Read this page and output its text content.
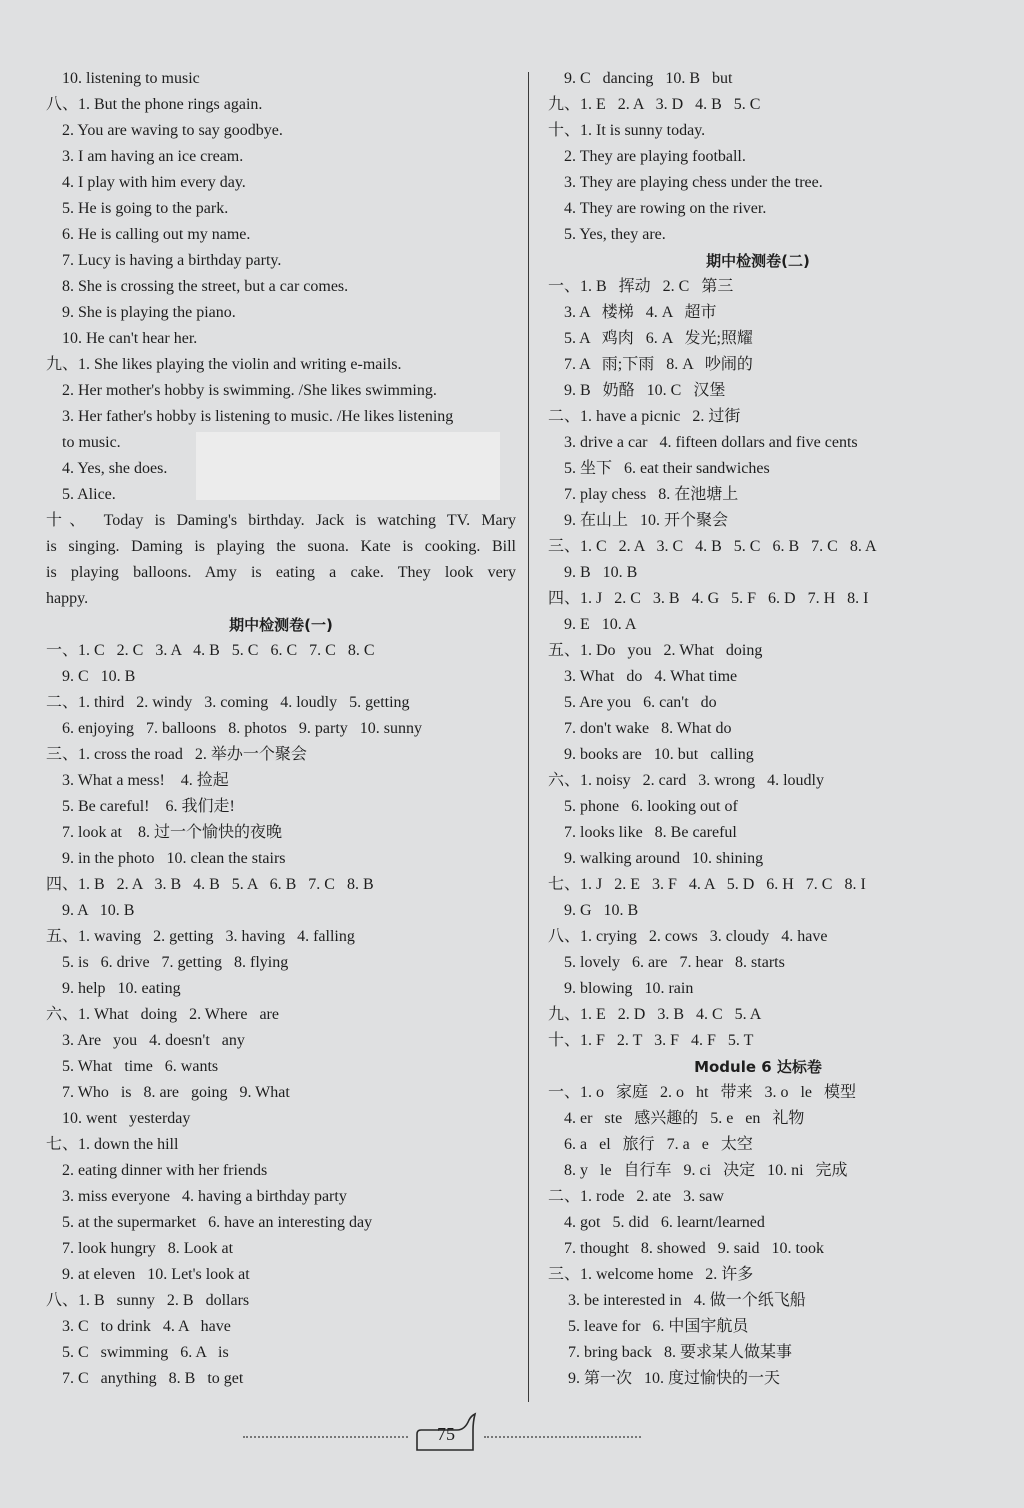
10. listening to music
八、1. But the phone rings again.
2. You are waving to say goodbye.
3. I am having an ice cream.
4. I play with him every day.
5. He is going to the park.
6. He is calling out my name.
7. Lucy is having a birthday party.
8. She is crossing the street, but a car comes.
9. She is playing the piano.
10. He can't hear her.
九、1. She likes playing the violin and writing e-mails.
2. Her mother's hobby is swimming. /She likes swimming.
3. Her father's hobby is listening to music. /He likes listening
to music.
4. Yes, she does.
5. Alice.
十、 Today is Daming's birthday. Jack is watching TV. Mary
is singing. Daming is playing the suona. Kate is cooking. Bill
is playing balloons. Amy is eating a cake. They look very
happy.
期中检测卷(一)
一、1. C   2. C   3. A   4. B   5. C   6. C   7. C   8. C
9. C   10. B
二、1. third   2. windy   3. coming   4. loudly   5. getting
6. enjoying   7. balloons   8. photos   9. party   10. sunny
三、1. cross the road   2. 举办一个聚会
3. What a mess!    4. 捡起
5. Be careful!    6. 我们走!
7. look at    8. 过一个愉快的夜晚
9. in the photo   10. clean the stairs
四、1. B   2. A   3. B   4. B   5. A   6. B   7. C   8. B
9. A   10. B
五、1. waving   2. getting   3. having   4. falling
5. is   6. drive   7. getting   8. flying
9. help   10. eating
六、1. What   doing   2. Where   are
3. Are   you   4. doesn't   any
5. What   time   6. wants
7. Who   is   8. are   going   9. What
10. went   yesterday
七、1. down the hill
2. eating dinner with her friends
3. miss everyone   4. having a birthday party
5. at the supermarket   6. have an interesting day
7. look hungry   8. Look at
9. at eleven   10. Let's look at
八、1. B   sunny   2. B   dollars
3. C   to drink   4. A   have
5. C   swimming   6. A   is
7. C   anything   8. B   to get
9. C   dancing   10. B   but
九、1. E   2. A   3. D   4. B   5. C
十、1. It is sunny today.
2. They are playing football.
3. They are playing chess under the tree.
4. They are rowing on the river.
5. Yes, they are.
期中检测卷(二)
一、1. B   挥动   2. C   第三
3. A   楼梯   4. A   超市
5. A   鸡肉   6. A   发光;照耀
7. A   雨;下雨   8. A   吵闹的
9. B   奶酪   10. C   汉堡
二、1. have a picnic   2. 过街
3. drive a car   4. fifteen dollars and five cents
5. 坐下   6. eat their sandwiches
7. play chess   8. 在池塘上
9. 在山上   10. 开个聚会
三、1. C   2. A   3. C   4. B   5. C   6. B   7. C   8. A
9. B   10. B
四、1. J   2. C   3. B   4. G   5. F   6. D   7. H   8. I
9. E   10. A
五、1. Do   you   2. What   doing
3. What   do   4. What time
5. Are you   6. can't   do
7. don't wake   8. What do
9. books are   10. but   calling
六、1. noisy   2. card   3. wrong   4. loudly
5. phone   6. looking out of
7. looks like   8. Be careful
9. walking around   10. shining
七、1. J   2. E   3. F   4. A   5. D   6. H   7. C   8. I
9. G   10. B
八、1. crying   2. cows   3. cloudy   4. have
5. lovely   6. are   7. hear   8. starts
9. blowing   10. rain
九、1. E   2. D   3. B   4. C   5. A
十、1. F   2. T   3. F   4. F   5. T
Module 6 达标卷
一、1. o   家庭   2. o   ht   带来   3. o   le   模型
4. er   ste   感兴趣的   5. e   en   礼物
6. a   el   旅行   7. a   e   太空
8. y   le   自行车   9. ci   决定   10. ni   完成
二、1. rode   2. ate   3. saw
4. got   5. did   6. learnt/learned
7. thought   8. showed   9. said   10. took
三、1. welcome home   2. 许多
3. be interested in   4. 做一个纸飞船
5. leave for   6. 中国宇航员
7. bring back   8. 要求某人做某事
9. 第一次   10. 度过愉快的一天
75
